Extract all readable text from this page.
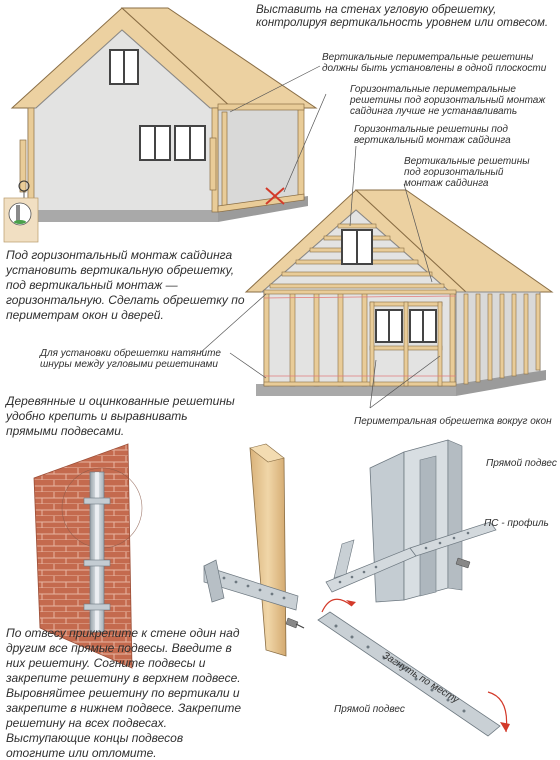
Выставить на стенах угловую обрешетку, контролируя вертикальность уровнем или отвесом.
Вертикальные периметральные решетины должны быть установлены в одной плоскости
Горизонтальные периметральные решетины под горизонтальный монтаж сайдинга лучше не устанавливать
Горизонтальные решетины под вертикальный монтаж сайдинга
Вертикальные решетины под горизонтальный монтаж сайдинга
Под горизонтальный монтаж сайдинга установить вертикальную обрешетку, под вертикальный монтаж — горизонтальную. Сделать обрешетку по периметрам окон и дверей.
Для установки обрешетки натяните шнуры между угловыми решетинами
Периметральная обрешетка вокруг окон
Деревянные и оцинкованные решетины удобно крепить и выравнивать прямыми подвесами.
Прямой подвес
ПС - профиль
Загнуть по месту
Прямой подвес
По отвесу прикрепите к стене один над другим все прямые подвесы. Введите в них решетину. Согните подвесы и закрепите решетину в верхнем подвесе. Выровняйтее решетину по вертикали и закрепите в нижнем подвесе. Закрепите решетину на всех подвесах. Выступающие концы подвесов отогните или отломите.
